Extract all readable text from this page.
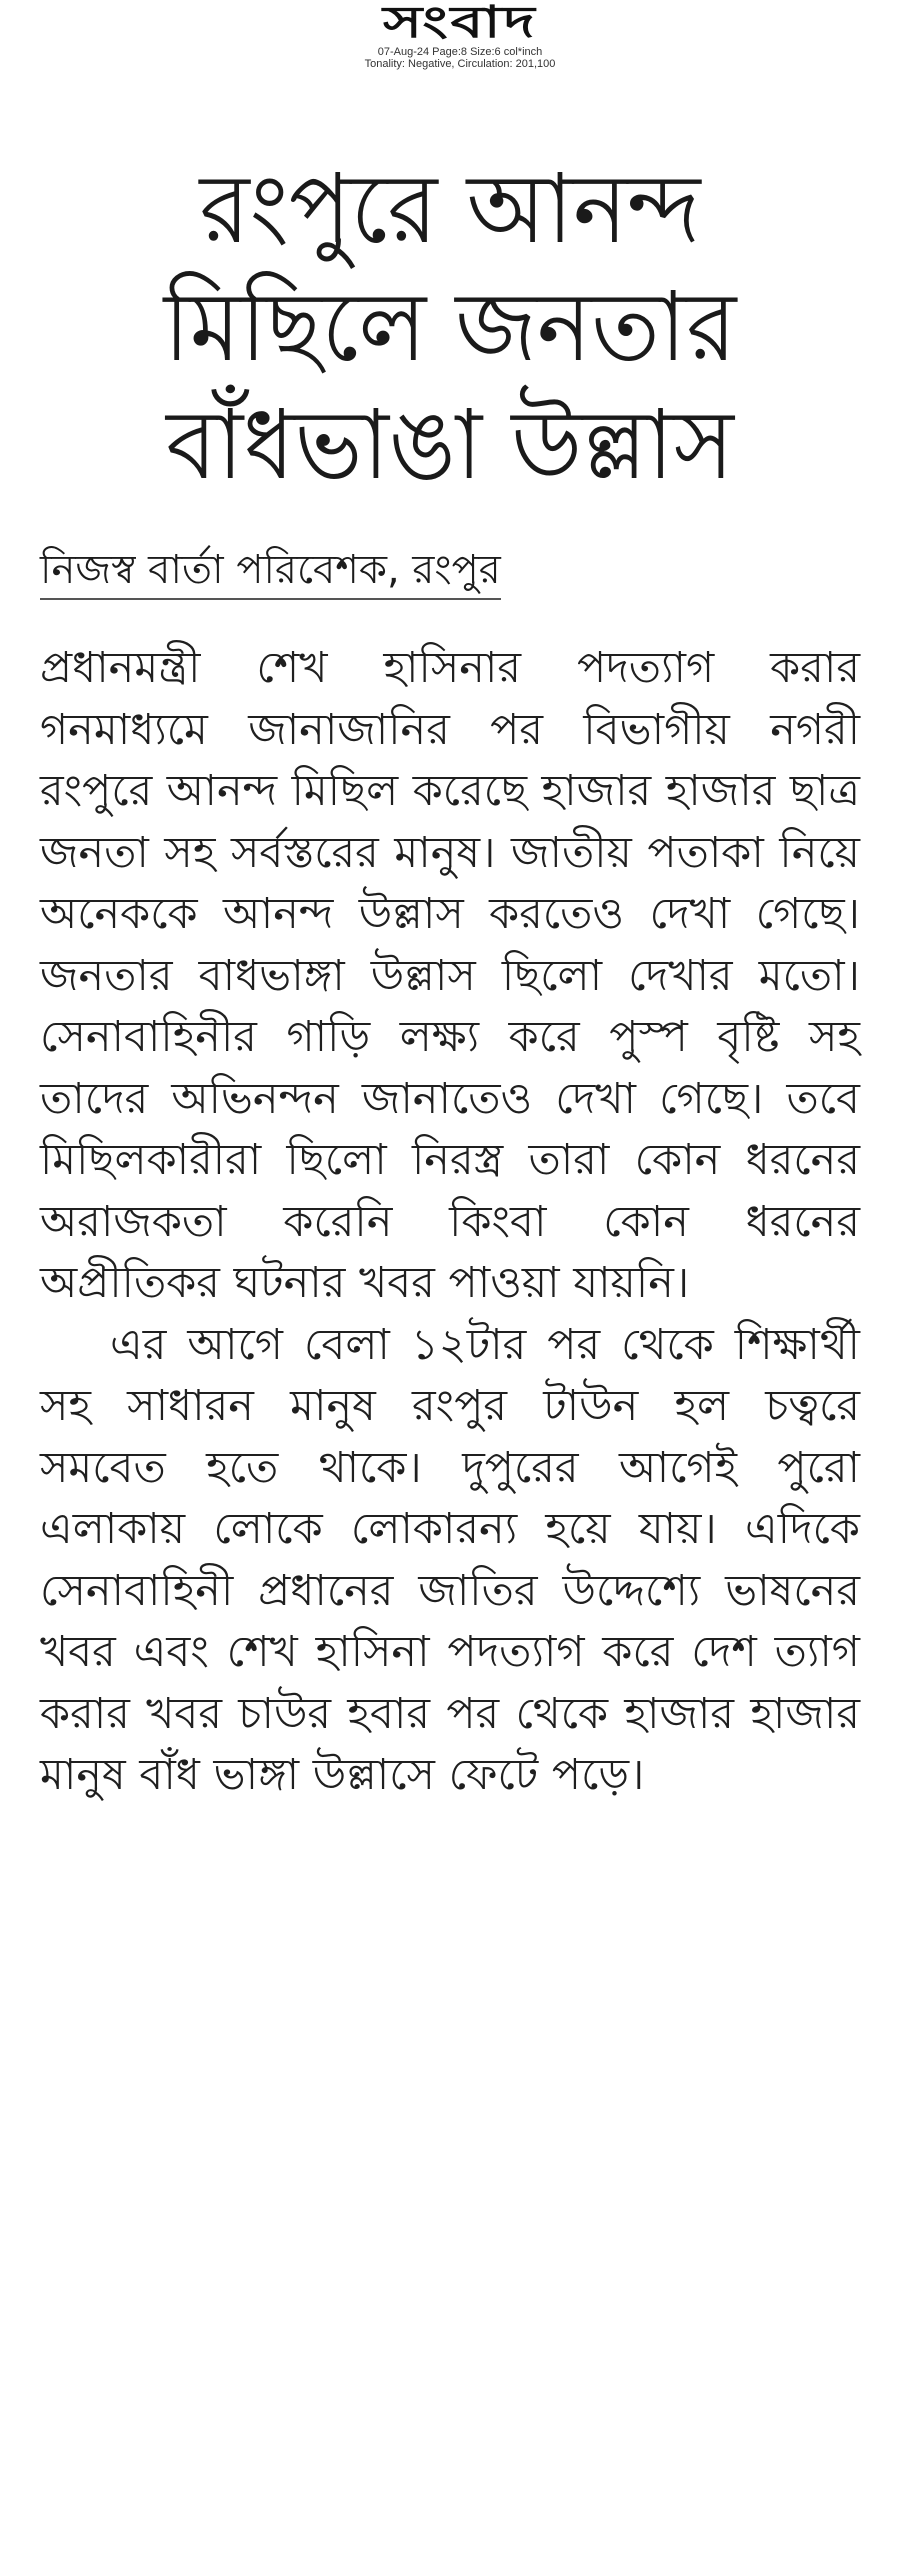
সংবাদ
07-Aug-24 Page:8 Size:6 col*inch
Tonality: Negative, Circulation: 201,100
রংপুরে আনন্দ
মিছিলে জনতার
বাঁধভাঙা উল্লাস
নিজস্ব বার্তা পরিবেশক, রংপুর

প্রধানমন্ত্রী শেখ হাসিনার পদত্যাগ করার গনমাধ্যমে জানাজানির পর বিভাগীয় নগরী রংপুরে আনন্দ মিছিল করেছে হাজার হাজার ছাত্র জনতা সহ সর্বস্তরের মানুষ। জাতীয় পতাকা নিয়ে অনেককে আনন্দ উল্লাস করতেও দেখা গেছে। জনতার বাধভাঙ্গা উল্লাস ছিলো দেখার মতো। সেনাবাহিনীর গাড়ি লক্ষ্য করে পুস্প বৃষ্টি সহ তাদের অভিনন্দন জানাতেও দেখা গেছে। তবে মিছিলকারীরা ছিলো নিরস্ত্র তারা কোন ধরনের অরাজকতা করেনি কিংবা কোন ধরনের অপ্রীতিকর ঘটনার খবর পাওয়া যায়নি।

এর আগে বেলা ১২টার পর থেকে শিক্ষার্থী সহ সাধারন মানুষ রংপুর টাউন হল চত্বরে সমবেত হতে থাকে। দুপুরের আগেই পুরো এলাকায় লোকে লোকারন্য হয়ে যায়। এদিকে সেনাবাহিনী প্রধানের জাতির উদ্দেশ্যে ভাষনের খবর এবং শেখ হাসিনা পদত্যাগ করে দেশ ত্যাগ করার খবর চাউর হবার পর থেকে হাজার হাজার মানুষ বাঁধ ভাঙ্গা উল্লাসে ফেটে পড়ে।
